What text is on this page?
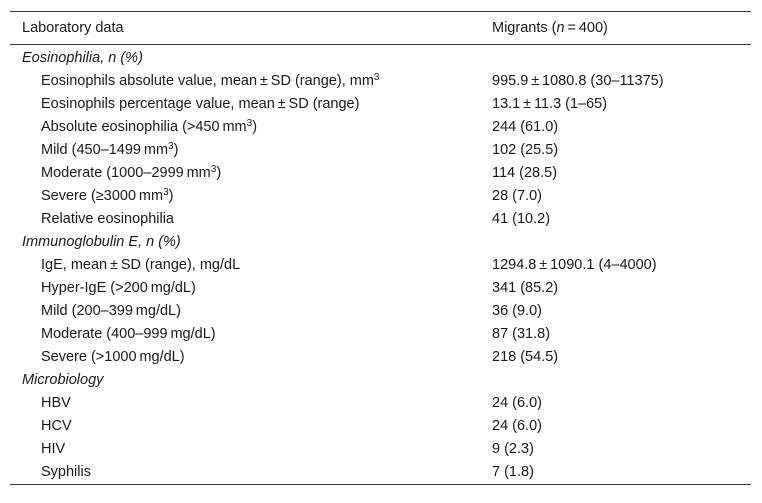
Laboratory data	Migrants (n = 400)
Eosinophilia, n (%)
Eosinophils absolute value, mean ± SD (range), $mm^3$	995.9 ± 1080.8 (30–11375)
Eosinophils percentage value, mean ± SD (range)	13.1 ± 11.3 (1–65)
Absolute eosinophilia (>450 $mm^3$)	244 (61.0)
Mild (450–1499 $mm^3$)	102 (25.5)
Moderate (1000–2999 $mm^3$)	114 (28.5)
Severe (≥3000 $mm^3$)	28 (7.0)
Relative eosinophilia	41 (10.2)
Immunoglobulin E, n (%)
IgE, mean ± SD (range), mg/dL	1294.8 ± 1090.1 (4–4000)
Hyper-IgE (>200 mg/dL)	341 (85.2)
Mild (200–399 mg/dL)	36 (9.0)
Moderate (400–999 mg/dL)	87 (31.8)
Severe (>1000 mg/dL)	218 (54.5)
Microbiology
HBV	24 (6.0)
HCV	24 (6.0)
HIV	9 (2.3)
Syphilis	7 (1.8)
